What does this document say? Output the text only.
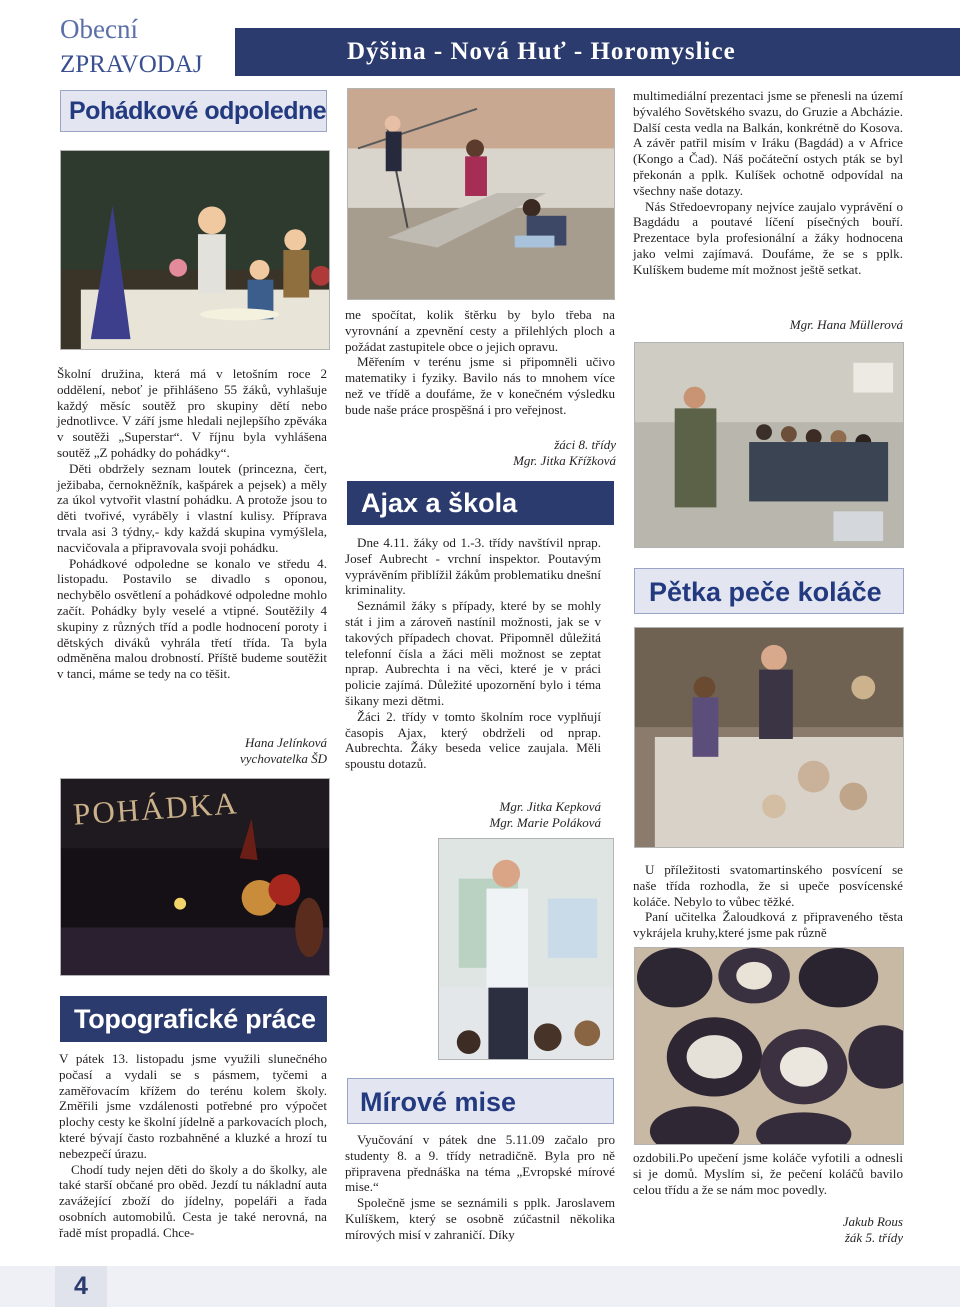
Obecní
ZPRAVODAJ	Dýšina - Nová Huť - Horomyslice
Pohádkové odpoledne

Školní družina, která má v letošním roce 2 oddělení, neboť je přihlášeno 55 žáků, vyhlašuje každý měsíc soutěž pro skupiny dětí nebo jednotlivce. V září jsme hledali nejlepšího zpěváka v soutěži „Superstar“. V říjnu byla vyhlášena soutěž „Z pohádky do pohádky“.

Děti obdržely seznam loutek (princezna, čert, ježibaba, černokněžník, kašpárek a pejsek) a měly za úkol vytvořit vlastní pohádku. A protože jsou to děti tvořivé, vyráběly i vlastní kulisy. Příprava trvala asi 3 týdny,- kdy každá skupina vymýšlela, nacvičovala a připravovala svoji pohádku.

Pohádkové odpoledne se konalo ve středu 4. listopadu. Postavilo se divadlo s oponou, nechybělo osvětlení a pohádkové odpoledne mohlo začít. Pohádky byly veselé a vtipné. Soutěžily 4 skupiny z různých tříd a podle hodnocení poroty i dětských diváků vyhrála třetí třída. Ta byla odměněna malou drobností. Příště budeme soutěžit v tanci, máme se tedy na co těšit.

Hana Jelínková
vychovatelka ŠD
POHÁDKA
Topografické práce

V pátek 13. listopadu jsme využili slunečného počasí a vydali se s pásmem, tyčemi a zaměřovacím křížem do terénu kolem školy. Změřili jsme vzdálenosti potřebné pro výpočet plochy cesty ke školní jídelně a parkovacích ploch, které bývají často rozbahněné a kluzké a hrozí tu nebezpečí úrazu.

Chodí tudy nejen děti do školy a do školky, ale také starší občané pro oběd. Jezdí tu nákladní auta zavážející zboží do jídelny, popeláři a řada osobních automobilů. Cesta je také nerovná, na řadě míst propadlá. Chce-

me spočítat, kolik štěrku by bylo třeba na vyrovnání a zpevnění cesty a přilehlých ploch a požádat zastupitele obce o jejich opravu.

Měřením v terénu jsme si připomněli učivo matematiky i fyziky. Bavilo nás to mnohem více než ve třídě a doufáme, že v konečném výsledku bude naše práce prospěšná i pro veřejnost.

žáci 8. třídy
Mgr. Jitka Křížková
Ajax a škola

Dne 4.11. žáky od 1.-3. třídy navštívil nprap. Josef Aubrecht - vrchní inspektor. Poutavým vyprávěním přiblížil žákům problematiku dnešní kriminality.

Seznámil žáky s případy, které by se mohly stát i jim a zároveň nastínil možnosti, jak se v takových případech chovat. Připomněl důležitá telefonní čísla a žáci měli možnost se zeptat nprap. Aubrechta i na věci, které je v práci policie zajímá. Důležité upozornění bylo i téma šikany mezi dětmi.

Žáci 2. třídy v tomto školním roce vyplňují časopis Ajax, který obdrželi od nprap. Aubrechta. Žáky beseda velice zaujala. Měli spoustu dotazů.

Mgr. Jitka Kepková
Mgr. Marie Poláková
Mírové mise

Vyučování v pátek dne 5.11.09 začalo pro studenty 8. a 9. třídy netradičně. Byla pro ně připravena přednáška na téma „Evropské mírové mise.“

Společně jsme se seznámili s pplk. Jaroslavem Kulíškem, který se osobně zúčastnil několika mírových misí v zahraničí. Díky

multimediální prezentaci jsme se přenesli na území bývalého Sovětského svazu, do Gruzie a Abcházie. Další cesta vedla na Balkán, konkrétně do Kosova. A závěr patřil misím v Iráku (Bagdád) a v Africe (Kongo a Čad). Náš počáteční ostych pták se byl překonán a pplk. Kulíšek ochotně odpovídal na všechny naše dotazy.

Nás Středoevropany nejvíce zaujalo vyprávění o Bagdádu a poutavé líčení písečných bouří. Prezentace byla profesionální a žáky hodnocena jako velmi zajímavá. Doufáme, že se s pplk. Kulíškem budeme mít možnost ještě setkat.

Mgr. Hana Müllerová
Pětka peče koláče

U příležitosti svatomartinského posvícení se naše třída rozhodla, že si upeče posvícenské koláče. Nebylo to vůbec těžké.

Paní učitelka Žaloudková z připraveného těsta vykrájela kruhy,které jsme pak různě

ozdobili.Po upečení jsme koláče vyfotili a odnesli si je domů. Myslím si, že pečení koláčů bavilo celou třídu a že se nám moc povedly.

Jakub Rous
žák 5. třídy
4
